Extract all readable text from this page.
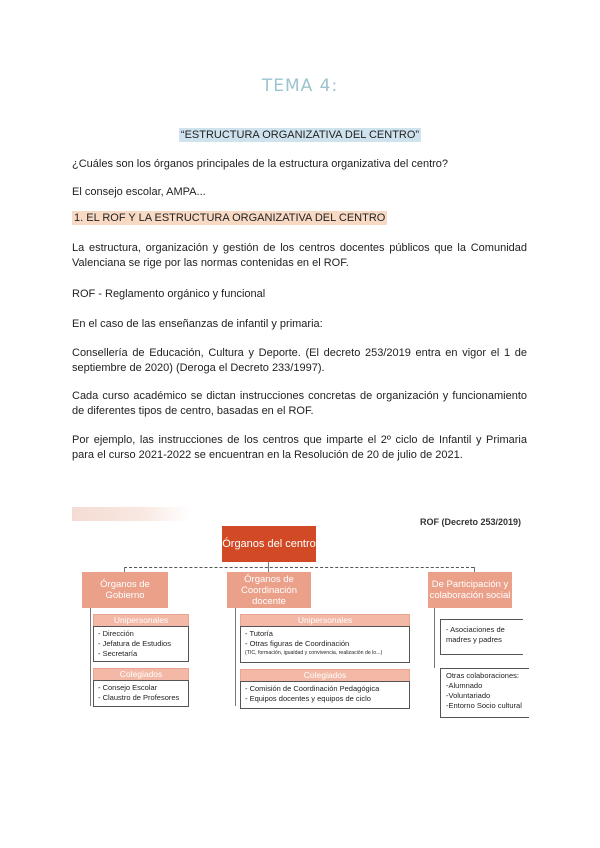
TEMA 4:
“ESTRUCTURA ORGANIZATIVA DEL CENTRO”
¿Cuáles son los órganos principales de la estructura organizativa del centro?
El consejo escolar, AMPA...
1. EL ROF Y LA ESTRUCTURA ORGANIZATIVA DEL CENTRO
La estructura, organización y gestión de los centros docentes públicos que la Comunidad Valenciana se rige por las normas contenidas en el ROF.
ROF - Reglamento orgánico y funcional
En el caso de las enseñanzas de infantil y primaria:
Consellería de Educación, Cultura y Deporte. (El decreto 253/2019 entra en vigor el 1 de septiembre de 2020) (Deroga el Decreto 233/1997).
Cada curso académico se dictan instrucciones concretas de organización y funcionamiento de diferentes tipos de centro, basadas en el ROF.
Por ejemplo, las instrucciones de los centros que imparte el 2º ciclo de Infantil y Primaria para el curso 2021-2022 se encuentran en la Resolución de 20 de julio de 2021.
ROF (Decreto 253/2019)
Órganos del centro
Órganos de Gobierno
Unipersonales
- Dirección
- Jefatura de Estudios
- Secretaría
Colegiados
- Consejo Escolar
- Claustro de Profesores
Órganos de Coordinación docente
Unipersonales
- Tutoría
- Otras figuras de Coordinación
(TIC, formación, igualdad y convivencia, realización de lo...)
Colegiados
- Comisión de Coordinación Pedagógica
- Equipos docentes y equipos de ciclo
De Participación y colaboración social
- Asociaciones de
madres y padres
Otras colaboraciones:
-Alumnado
-Voluntariado
-Entorno Socio cultural
